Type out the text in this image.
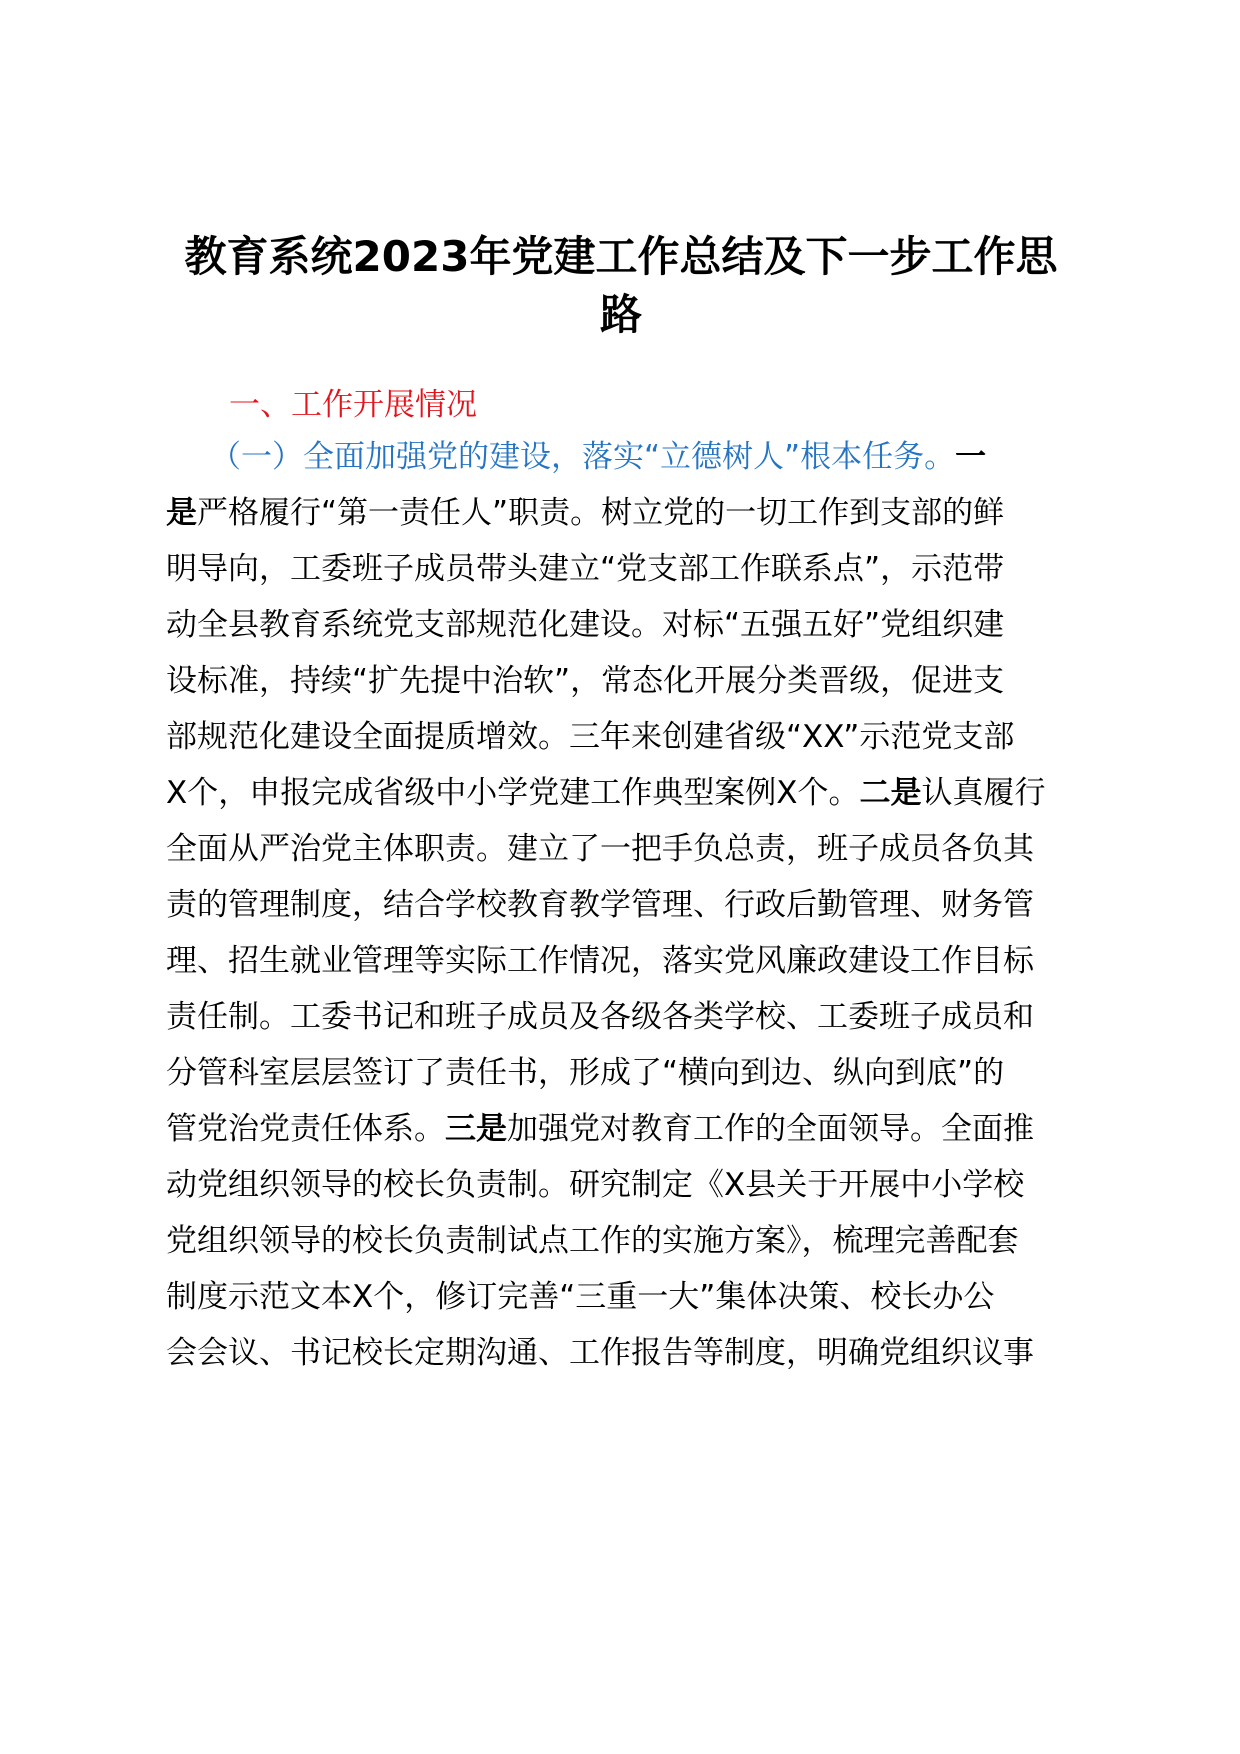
教育系统2023年党建工作总结及下一步工作思
路
一、工作开展情况
（一）全面加强党的建设，落实“立德树人”根本任务。一
是严格履行“第一责任人”职责。树立党的一切工作到支部的鲜
明导向，工委班子成员带头建立“党支部工作联系点”，示范带
动全县教育系统党支部规范化建设。对标“五强五好”党组织建
设标准，持续“扩先提中治软”，常态化开展分类晋级，促进支
部规范化建设全面提质增效。三年来创建省级“XX”示范党支部
X个，申报完成省级中小学党建工作典型案例X个。二是认真履行
全面从严治党主体职责。建立了一把手负总责，班子成员各负其
责的管理制度，结合学校教育教学管理、行政后勤管理、财务管
理、招生就业管理等实际工作情况，落实党风廉政建设工作目标
责任制。工委书记和班子成员及各级各类学校、工委班子成员和
分管科室层层签订了责任书，形成了“横向到边、纵向到底”的
管党治党责任体系。三是加强党对教育工作的全面领导。全面推
动党组织领导的校长负责制。研究制定《X县关于开展中小学校
党组织领导的校长负责制试点工作的实施方案》，梳理完善配套
制度示范文本X个，修订完善“三重一大”集体决策、校长办公
会会议、书记校长定期沟通、工作报告等制度，明确党组织议事
